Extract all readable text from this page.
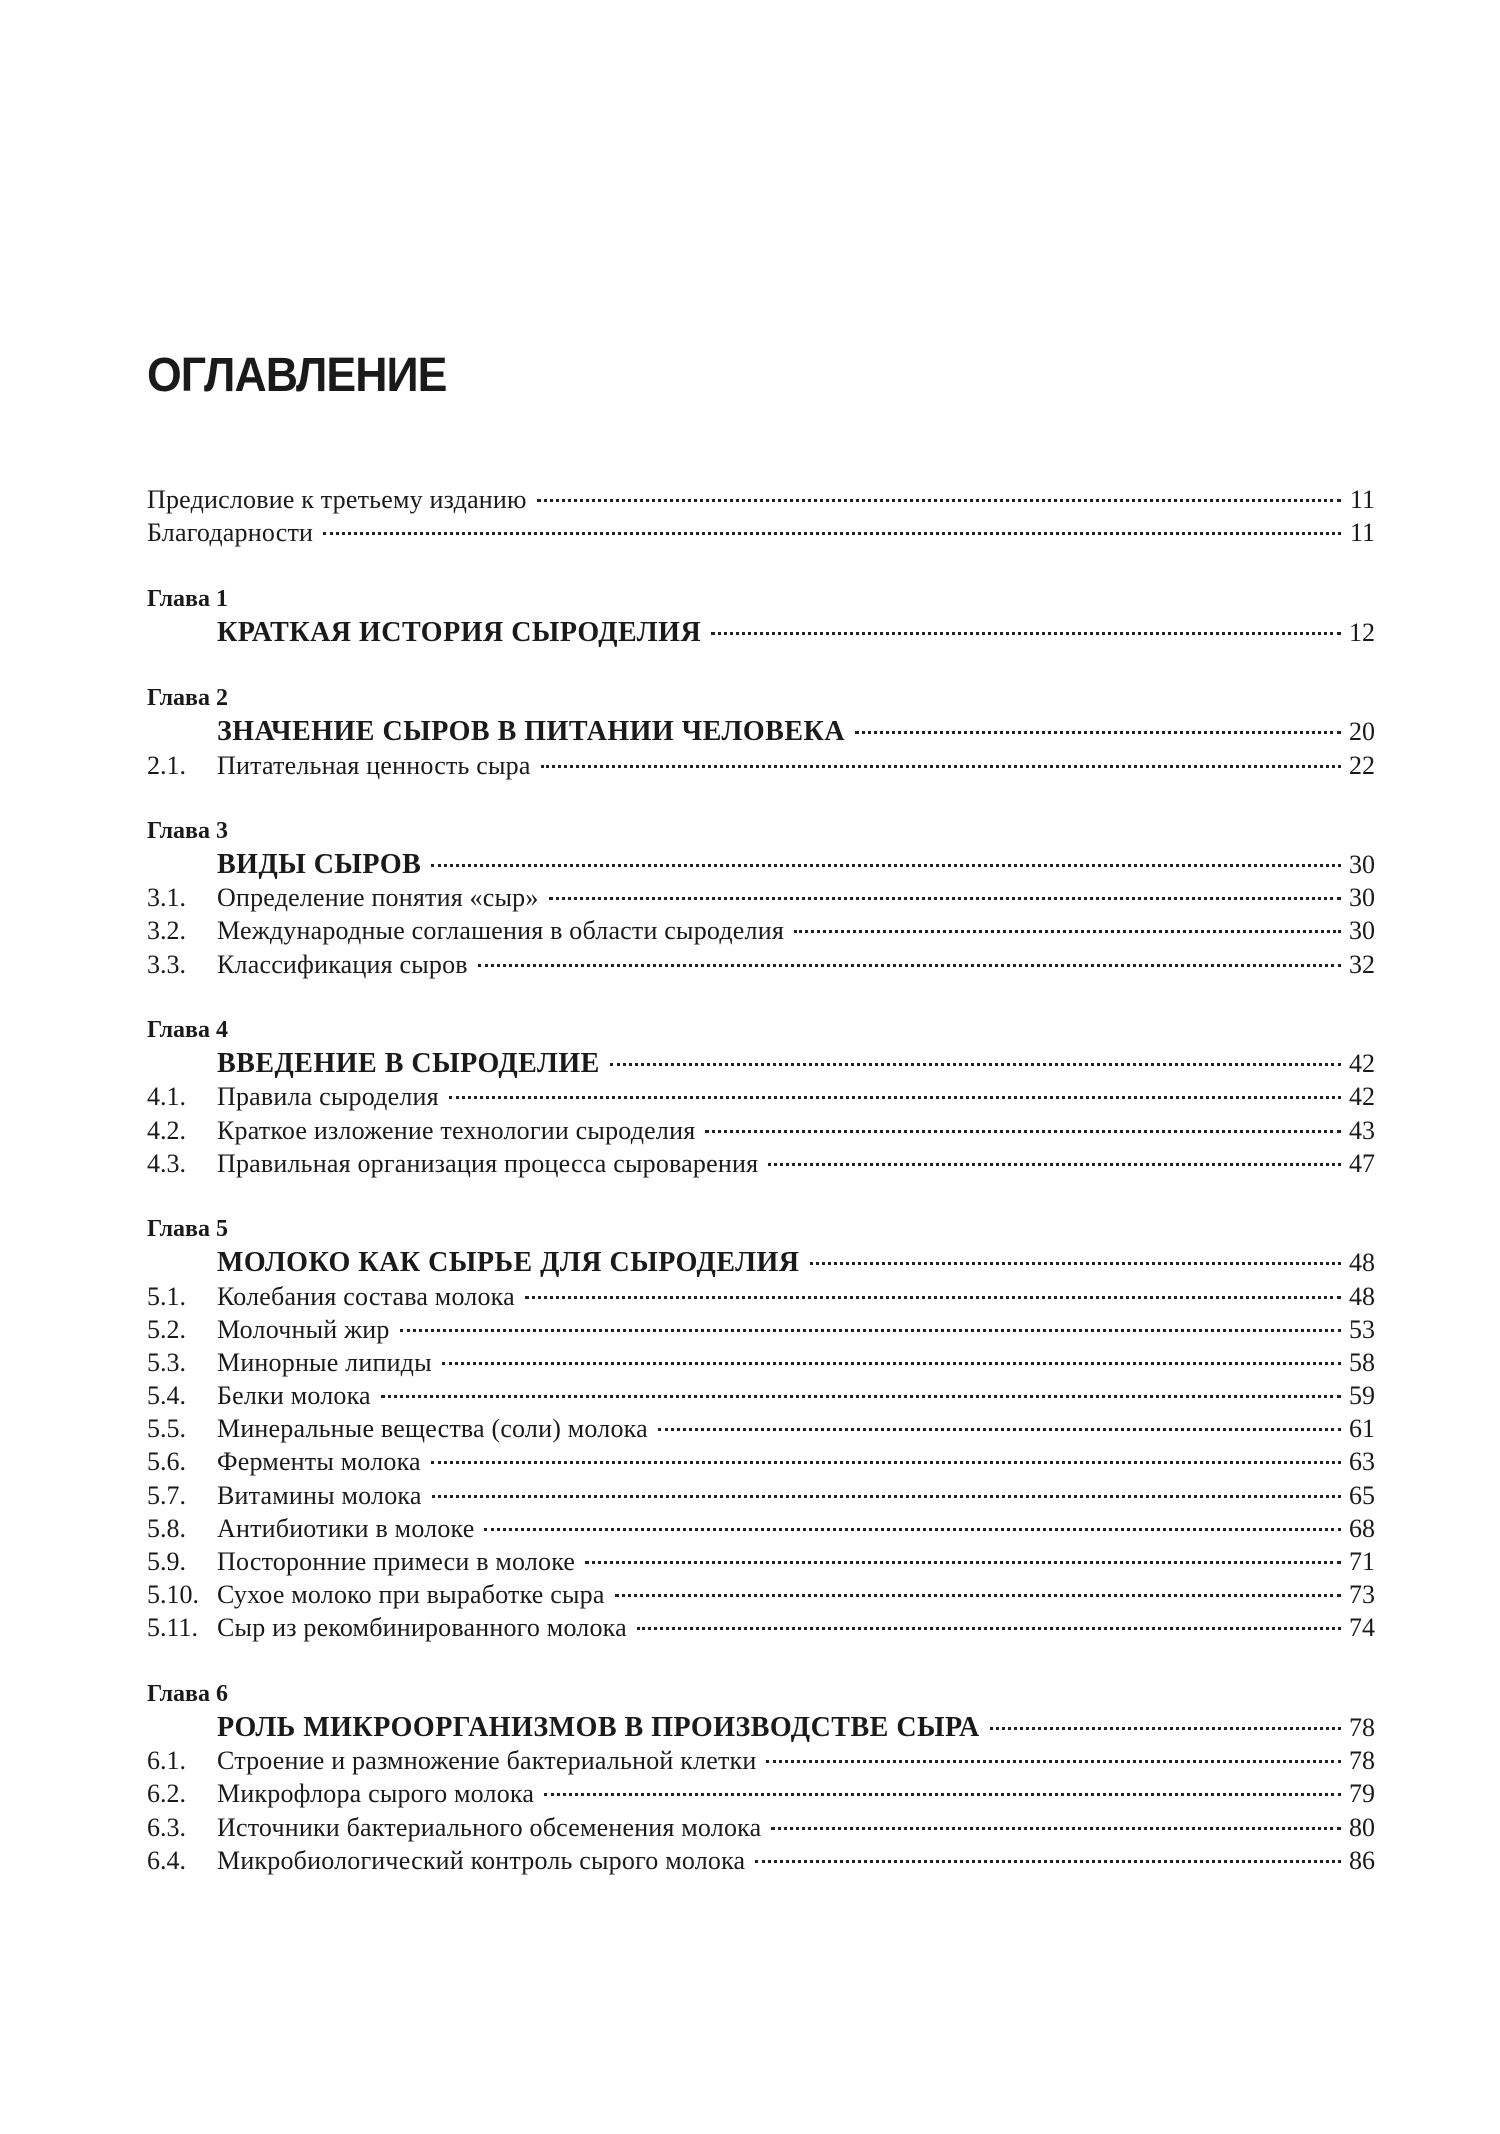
ОГЛАВЛЕНИЕ
Предисловие к третьему изданию	11
Благодарности	11
Глава 1
КРАТКАЯ ИСТОРИЯ СЫРОДЕЛИЯ	12
Глава 2
ЗНАЧЕНИЕ СЫРОВ В ПИТАНИИ ЧЕЛОВЕКА	20
2.1.	Питательная ценность сыра	22
Глава 3
ВИДЫ СЫРОВ	30
3.1.	Определение понятия «сыр»	30
3.2.	Международные соглашения в области сыроделия	30
3.3.	Классификация сыров	32
Глава 4
ВВЕДЕНИЕ В СЫРОДЕЛИЕ	42
4.1.	Правила сыроделия	42
4.2.	Краткое изложение технологии сыроделия	43
4.3.	Правильная организация процесса сыроварения	47
Глава 5
МОЛОКО КАК СЫРЬЕ ДЛЯ СЫРОДЕЛИЯ	48
5.1.	Колебания состава молока	48
5.2.	Молочный жир	53
5.3.	Минорные липиды	58
5.4.	Белки молока	59
5.5.	Минеральные вещества (соли) молока	61
5.6.	Ферменты молока	63
5.7.	Витамины молока	65
5.8.	Антибиотики в молоке	68
5.9.	Посторонние примеси в молоке	71
5.10. Сухое молоко при выработке сыра	73
5.11. Сыр из рекомбинированного молока	74
Глава 6
РОЛЬ МИКРООРГАНИЗМОВ В ПРОИЗВОДСТВЕ СЫРА	78
6.1.	Строение и размножение бактериальной клетки	78
6.2.	Микрофлора сырого молока	79
6.3.	Источники бактериального обсеменения молока	80
6.4.	Микробиологический контроль сырого молока	86
